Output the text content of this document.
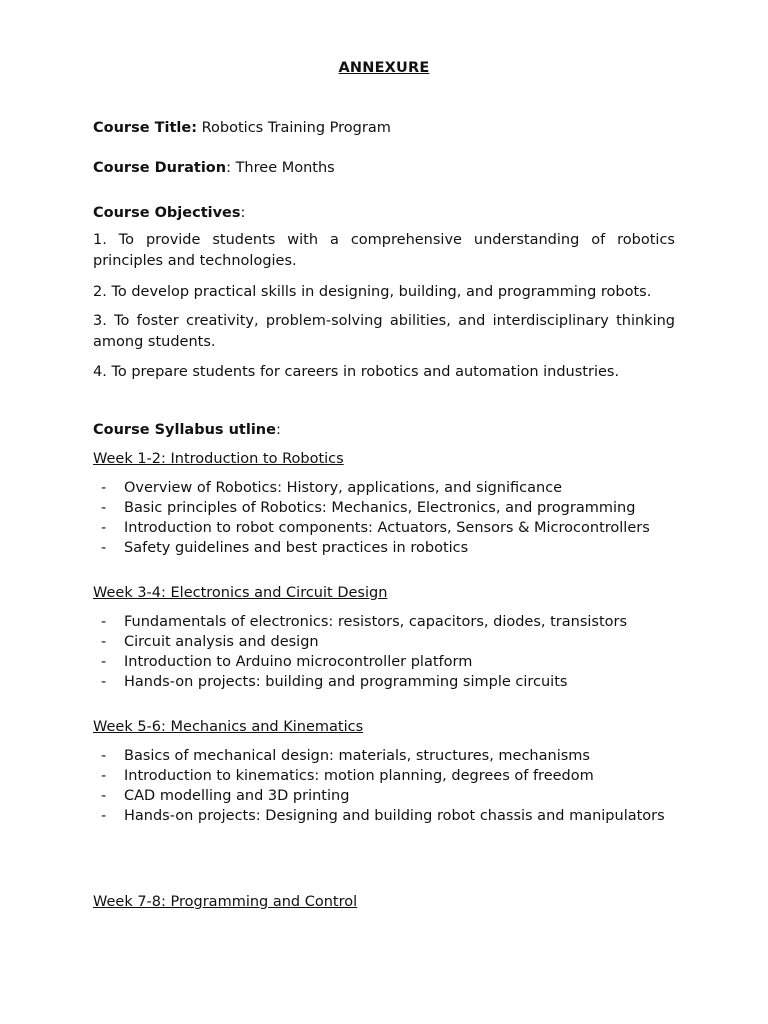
ANNEXURE
Course Title: Robotics Training Program
Course Duration: Three Months
Course Objectives:
1. To provide students with a comprehensive understanding of robotics principles and technologies.
2. To develop practical skills in designing, building, and programming robots.
3. To foster creativity, problem-solving abilities, and interdisciplinary thinking among students.
4. To prepare students for careers in robotics and automation industries.
Course Syllabus utline:
Week 1-2: Introduction to Robotics
- Overview of Robotics: History, applications, and significance
- Basic principles of Robotics: Mechanics, Electronics, and programming
- Introduction to robot components: Actuators, Sensors & Microcontrollers
- Safety guidelines and best practices in robotics
Week 3-4: Electronics and Circuit Design
- Fundamentals of electronics: resistors, capacitors, diodes, transistors
- Circuit analysis and design
- Introduction to Arduino microcontroller platform
- Hands-on projects: building and programming simple circuits
Week 5-6: Mechanics and Kinematics
- Basics of mechanical design: materials, structures, mechanisms
- Introduction to kinematics: motion planning, degrees of freedom
- CAD modelling and 3D printing
- Hands-on projects: Designing and building robot chassis and manipulators
Week 7-8: Programming and Control
